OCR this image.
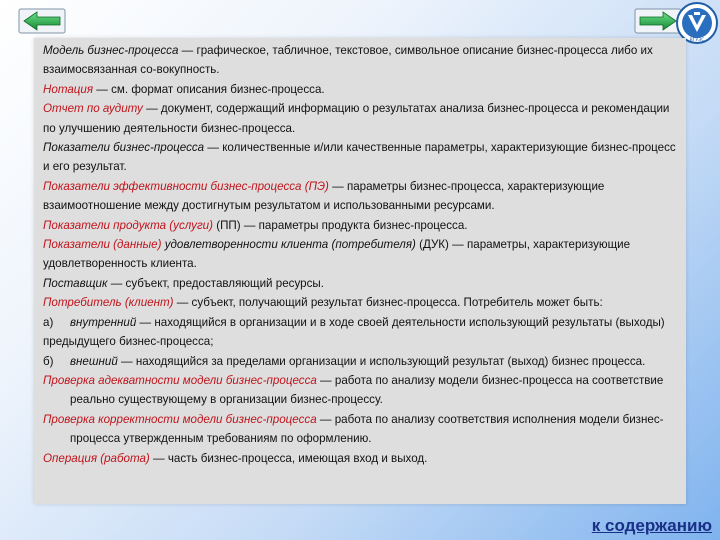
ВГУЭС

Модель бизнес-процесса — графическое, табличное, текстовое, символьное описание бизнес-процесса либо их взаимосвязанная со-вокупность.

Нотация — см. формат описания бизнес-процесса.

Отчет по аудиту — документ, содержащий информацию о результатах анализа бизнес-процесса и рекомендации по улучшению деятельности бизнес-процесса.

Показатели бизнес-процесса — количественные и/или качественные параметры, характеризующие бизнес-процесс и его результат.

Показатели эффективности бизнес-процесса (ПЭ) — параметры бизнес-процесса, характеризующие взаимоотношение между достигнутым результатом и использованными ресурсами.

Показатели продукта (услуги) (ПП) — параметры продукта бизнес-процесса.

Показатели (данные) удовлетворенности клиента (потребителя) (ДУК) — параметры, характеризующие удовлетворенность клиента.

Поставщик — субъект, предоставляющий ресурсы.

Потребитель (клиент) — субъект, получающий результат бизнес-процесса. Потребитель может быть:

а) внутренний — находящийся в организации и в ходе своей деятельности использующий результаты (выходы) предыдущего бизнес-процесса;

б) внешний — находящийся за пределами организации и использующий результат (выход) бизнес процесса.

Проверка адекватности модели бизнес-процесса — работа по анализу модели бизнес-процесса на соответствие реально существующему в организации бизнес-процессу.

Проверка корректности модели бизнес-процесса — работа по анализу соответствия исполнения модели бизнес-процесса утвержденным требованиям по оформлению.

Операция (работа) — часть бизнес-процесса, имеющая вход и выход.

к содержанию
